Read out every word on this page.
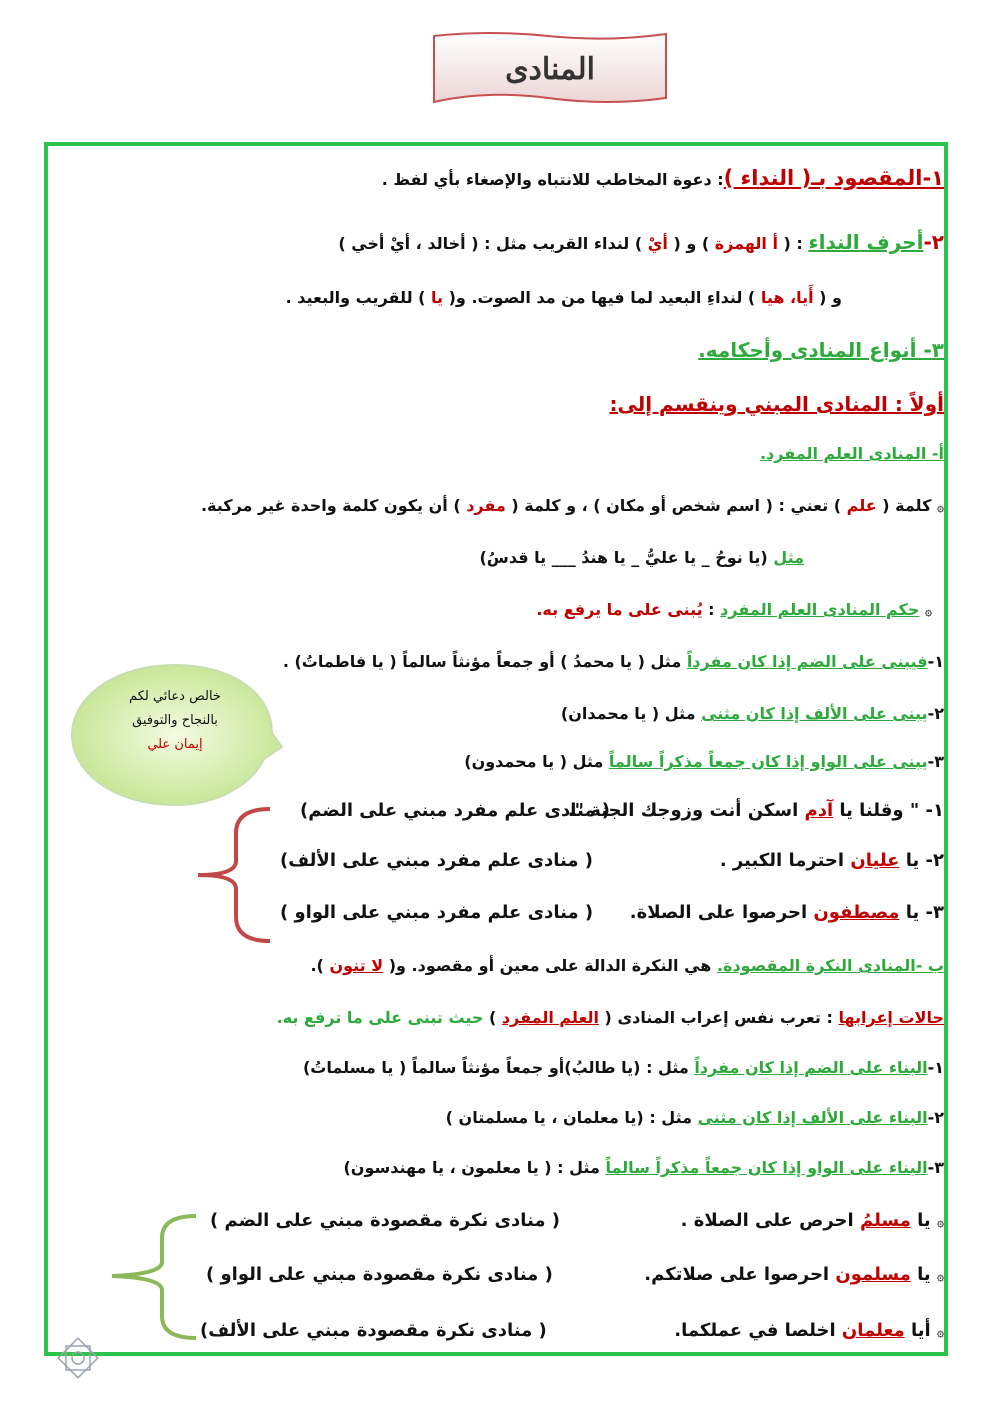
المنادى
١-المقصود بـ( النداء ): دعوة المخاطب للانتباه والإصغاء بأي لفظ .
٢-أحرف النداء : ( أ الهمزة ) و ( أيْ ) لنداء القريب مثل : ( أخالد ، أيْ أخي )
و ( أَيا، هيا ) لنداءِ البعيد لما فيها من مد الصوت. و( يا ) للقريب والبعيد .
٣- أنواع المنادى وأحكامه.
أولاً : المنادى المبني وينقسم إلى:
أ- المنادى العلم المفرد.
۞ كلمة ( علم ) تعني : ( اسم شخص أو مكان ) ، و كلمة ( مفرد ) أن يكون كلمة واحدة غير مركبة.
مثل (يا نوحُ _ يا عليُّ _ يا هندُ ___ يا قدسُ)
۞ حكم المنادى العلم المفرد : يُبنى على ما يرفع به.
١-فيبنى على الضم إذا كان مفرداً مثل ( يا محمدُ ) أو جمعاً مؤنثاً سالماً ( يا فاطماتُ) .
٢-يبنى على الألف إذا كان مثنى مثل ( يا محمدان)
٣-يبنى على الواو إذا كان جمعاً مذكراً سالماً مثل ( يا محمدون)
خالص دعائي لكم
بالنجاح والتوفيق
إيمان علي
١- " وقلنا يا آدم اسكن أنت وزوجك الجنة ".
( منادى علم مفرد مبني على الضم)
٢- يا عليان احترما الكبير .
( منادى علم مفرد مبني على الألف)
٣- يا مصطفون احرصوا على الصلاة.
( منادى علم مفرد مبني على الواو )
ب -المنادى النكرة المقصودة. هي النكرة الدالة على معين أو مقصود. و( لا تنون ).
حالات إعرابها : تعرب نفس إعراب المنادى ( العلم المفرد ) حيث تبنى على ما ترفع به.
١-البناء على الضم إذا كان مفرداً مثل : (يا طالبُ)أو جمعاً مؤنثاً سالماً ( يا مسلماتُ)
٢-البناء على الألف إذا كان مثنى مثل : (يا معلمان ، يا مسلمتان )
٣-البناء على الواو إذا كان جمعاً مذكراً سالماً مثل : ( يا معلمون ، يا مهندسون)
۞ يا مسلمُ احرص على الصلاة .
( منادى نكرة مقصودة مبني على الضم )
۞ يا مسلمون احرصوا على صلاتكم.
( منادى نكرة مقصودة مبني على الواو )
۞ أيا معلمان اخلصا في عملكما.
( منادى نكرة مقصودة مبني على الألف)
